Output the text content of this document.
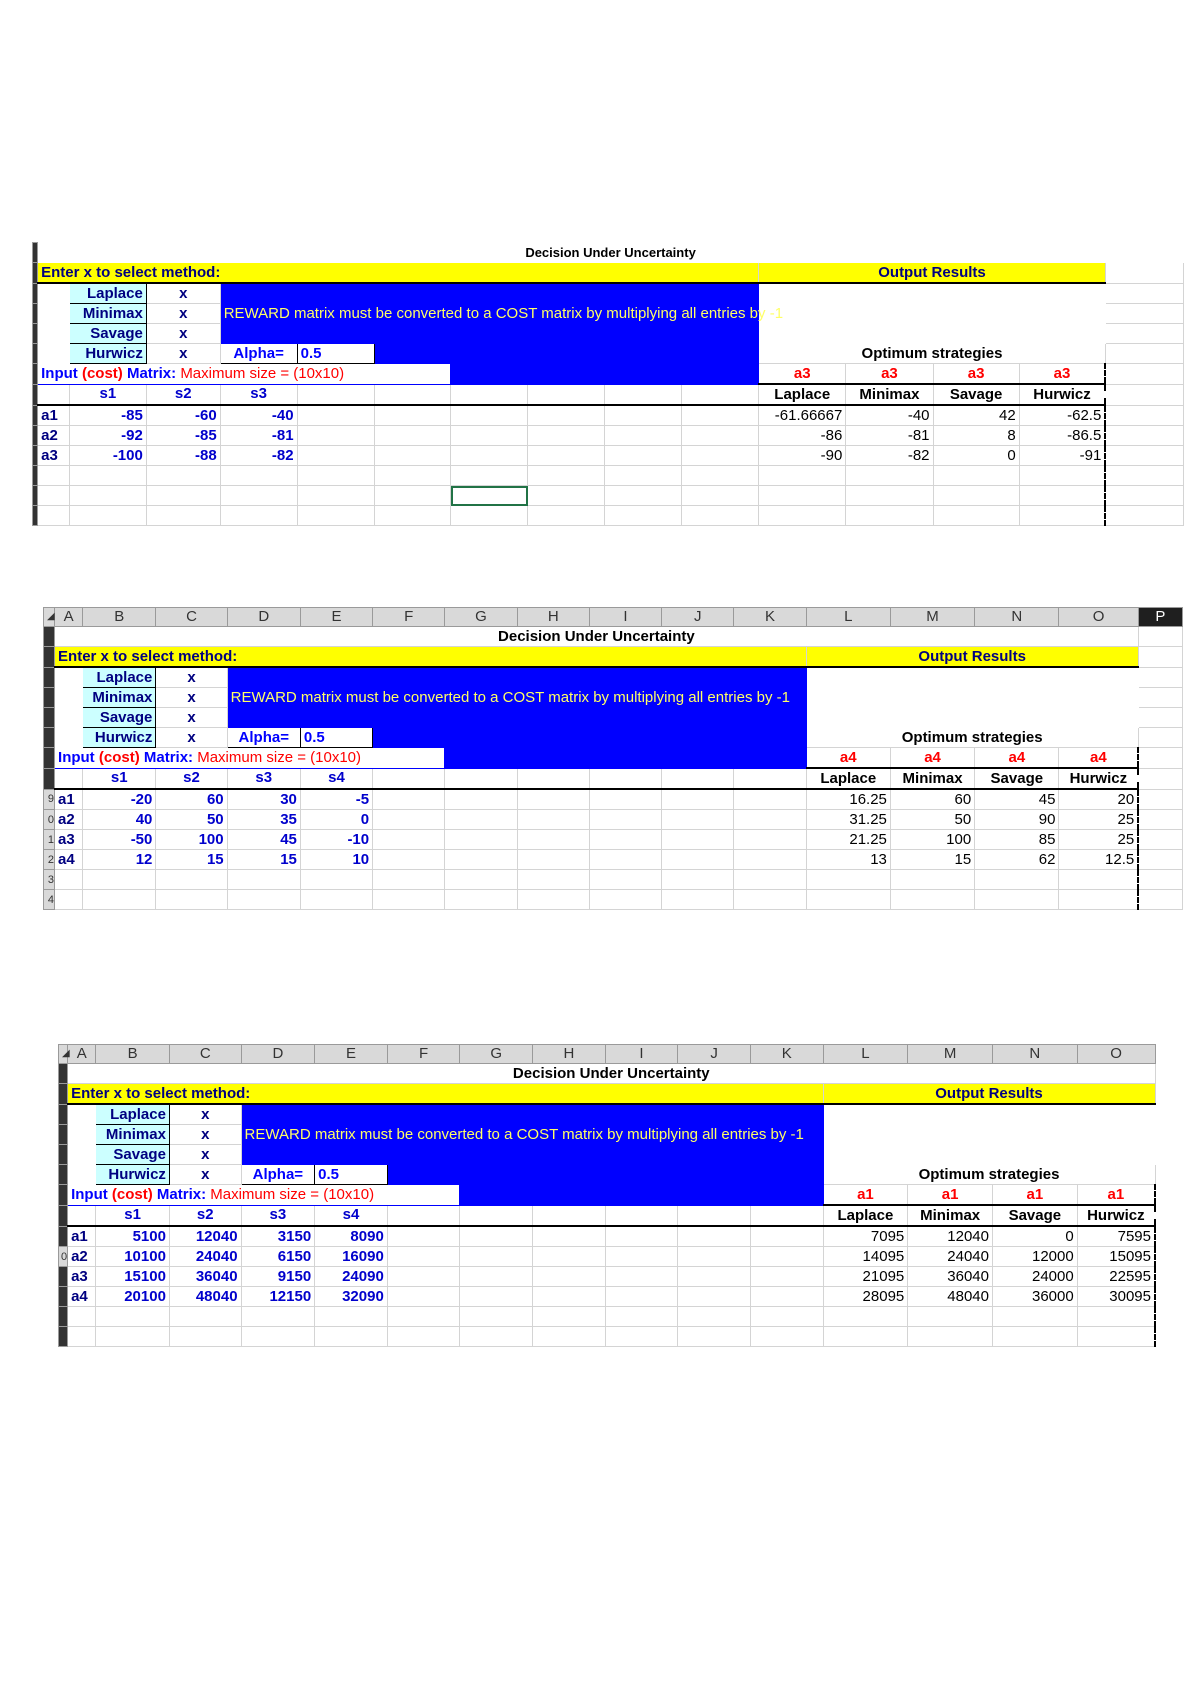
	Decision Under Uncertainty														
	Enter x to select method:										Output Results				
		Laplace	x												
		Minimax	x	REWARD matrix must be converted to a COST matrix by multiplying all entries by -1											
		Savage	x												
		Hurwicz	x	Alpha=	0.5						Optimum strategies				
	Input (cost) Matrix: Maximum size = (10x10)										a3	a3	a3	a3	
		s1	s2	s3							Laplace	Minimax	Savage	Hurwicz	
	a1	-85	-60	-40							-61.66667	-40	42	-62.5	
	a2	-92	-85	-81							-86	-81	8	-86.5	
	a3	-100	-88	-82							-90	-82	0	-91	

◢	A	B	C	D	E	F	G	H	I	J	K	L	M	N	O	P
	Decision Under Uncertainty															
	Enter x to select method:											Output Results				
		Laplace	x													
		Minimax	x	REWARD matrix must be converted to a COST matrix by multiplying all entries by -1												
		Savage	x													
		Hurwicz	x	Alpha=	0.5							Optimum strategies				
	Input (cost) Matrix: Maximum size = (10x10)											a4	a4	a4	a4	
		s1	s2	s3	s4							Laplace	Minimax	Savage	Hurwicz	
9	a1	-20	60	30	-5							16.25	60	45	20	
0	a2	40	50	35	0							31.25	50	90	25	
1	a3	-50	100	45	-10							21.25	100	85	25	
2	a4	12	15	15	10							13	15	62	12.5	
3																
4																
◢	A	B	C	D	E	F	G	H	I	J	K	L	M	N	O
	Decision Under Uncertainty														
	Enter x to select method:											Output Results			
		Laplace	x												
		Minimax	x	REWARD matrix must be converted to a COST matrix by multiplying all entries by -1											
		Savage	x												
		Hurwicz	x	Alpha=	0.5							Optimum strategies			
	Input (cost) Matrix: Maximum size = (10x10)											a1	a1	a1	a1
		s1	s2	s3	s4							Laplace	Minimax	Savage	Hurwicz
	a1	5100	12040	3150	8090							7095	12040	0	7595
0	a2	10100	24040	6150	16090							14095	24040	12000	15095
	a3	15100	36040	9150	24090							21095	36040	24000	22595
	a4	20100	48040	12150	32090							28095	48040	36000	30095
